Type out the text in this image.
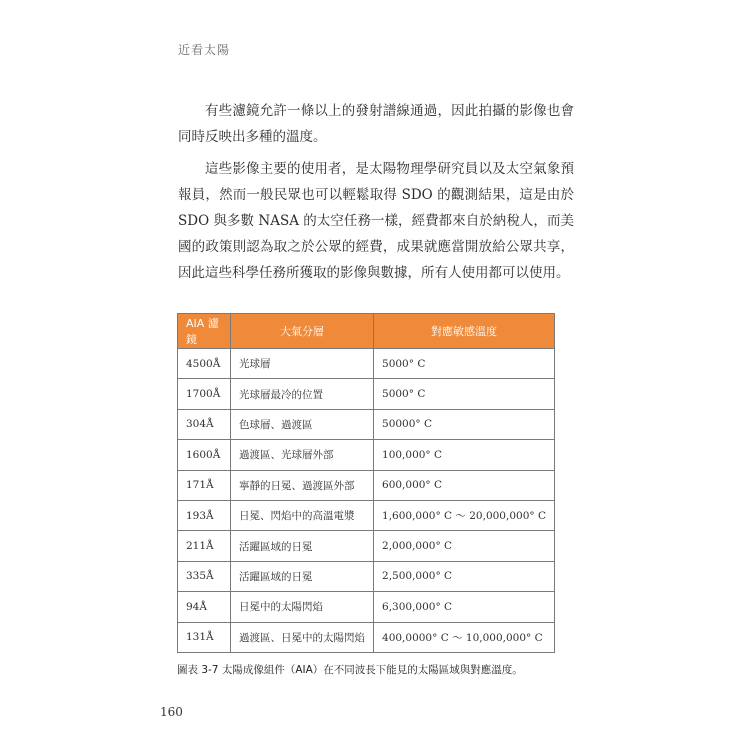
近看太陽

有些濾鏡允許一條以上的發射譜線通過，因此拍攝的影像也會同時反映出多種的溫度。

這些影像主要的使用者，是太陽物理學研究員以及太空氣象預報員，然而一般民眾也可以輕鬆取得 SDO 的觀測結果，這是由於 SDO 與多數 NASA 的太空任務一樣，經費都來自於納稅人，而美國的政策則認為取之於公眾的經費，成果就應當開放給公眾共享，因此這些科學任務所獲取的影像與數據，所有人使用都可以使用。

AIA 濾鏡	大氣分層	對應敏感溫度
4500Å	光球層	5000° C
1700Å	光球層最冷的位置	5000° C
304Å	色球層、過渡區	50000° C
1600Å	過渡區、光球層外部	100,000° C
171Å	寧靜的日冕、過渡區外部	600,000° C
193Å	日冕、閃焰中的高溫電漿	1,600,000° C ～ 20,000,000° C
211Å	活躍區域的日冕	2,000,000° C
335Å	活躍區域的日冕	2,500,000° C
94Å	日冕中的太陽閃焰	6,300,000° C
131Å	過渡區、日冕中的太陽閃焰	400,0000° C ～ 10,000,000° C
圖表 3-7 太陽成像組件（AIA）在不同波長下能見的太陽區域與對應溫度。
160
